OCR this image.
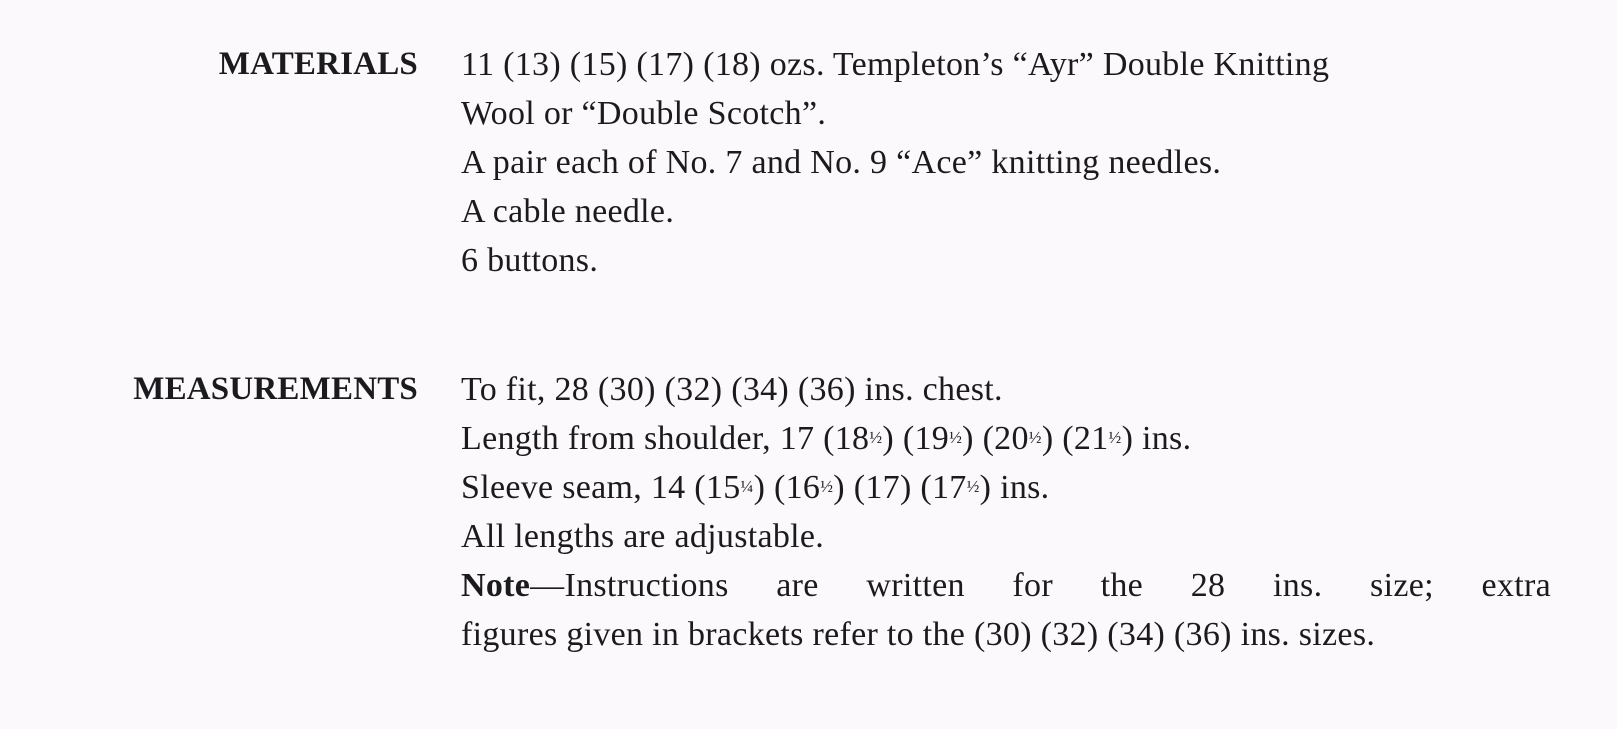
MATERIALS 11 (13) (15) (17) (18) ozs. Templeton’s “Ayr” Double Knitting
Wool or “Double Scotch”.
A pair each of No. 7 and No. 9 “Ace” knitting needles.
A cable needle.
6 buttons.
MEASUREMENTS To fit, 28 (30) (32) (34) (36) ins. chest.
Length from shoulder, 17 (18½) (19½) (20½) (21½) ins.
Sleeve seam, 14 (15¼) (16½) (17) (17½) ins.
All lengths are adjustable.
Note—Instructions are written for the 28 ins. size; extra
figures given in brackets refer to the (30) (32) (34) (36) ins. sizes.
